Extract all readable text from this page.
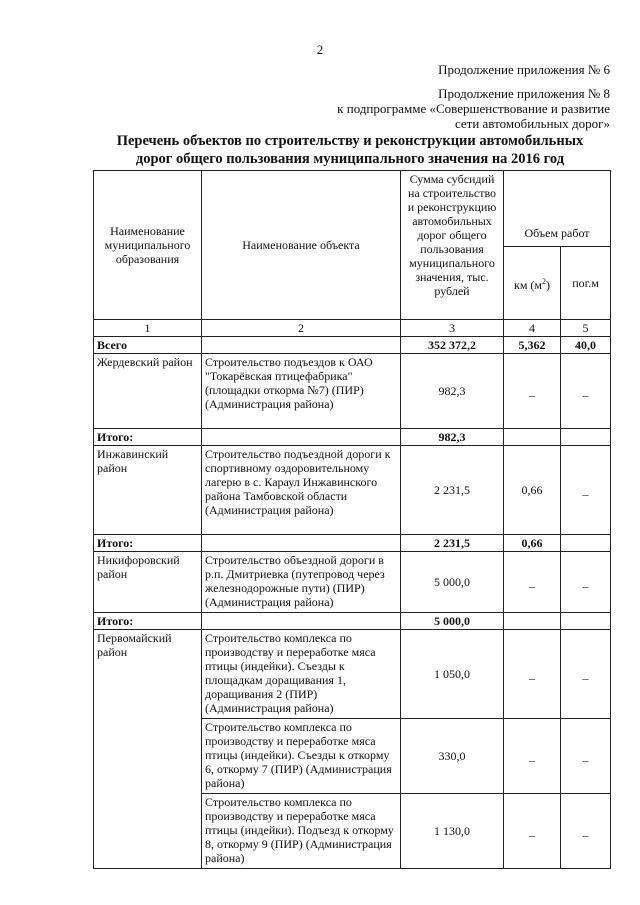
2
Продолжение приложения № 6
Продолжение приложения № 8
к подпрограмме «Совершенствование и развитие
сети автомобильных дорог»
Перечень объектов по строительству и реконструкции автомобильных
дорог общего пользования муниципального значения на 2016 год
Наименование муниципального образования	Наименование объекта	Сумма субсидий на строительство и реконструкцию автомобильных дорог общего пользования муниципального значения, тыс. рублей	Объем работ	
			км $(м^2)$	пог.м
1	2	3	4	5
Всего		352 372,2	5,362	40,0
Жердевский район	Строительство подъездов к ОАО "Токарёвская птицефабрика" (площадки откорма №7) (ПИР) (Администрация района)	982,3	_	_
Итого:		982,3		
Инжавинский район	Строительство подъездной дороги к спортивному оздоровительному лагерю в с. Караул Инжавинского района Тамбовской области (Администрация района)	2 231,5	0,66	_
Итого:		2 231,5	0,66	
Никифоровский район	Строительство объездной дороги в р.п. Дмитриевка (путепровод через железнодорожные пути) (ПИР) (Администрация района)	5 000,0	_	_
Итого:		5 000,0		
Первомайский район	Строительство комплекса по производству и переработке мяса птицы (индейки). Съезды к площадкам доращивания 1, доращивания 2 (ПИР) (Администрация района)	1 050,0	_	_
	Строительство комплекса по производству и переработке мяса птицы (индейки). Съезды к откорму 6, откорму 7 (ПИР) (Администрация района)	330,0	_	_
	Строительство комплекса по производству и переработке мяса птицы (индейки). Подъезд к откорму 8, откорму 9 (ПИР) (Администрация района)	1 130,0	_	_
